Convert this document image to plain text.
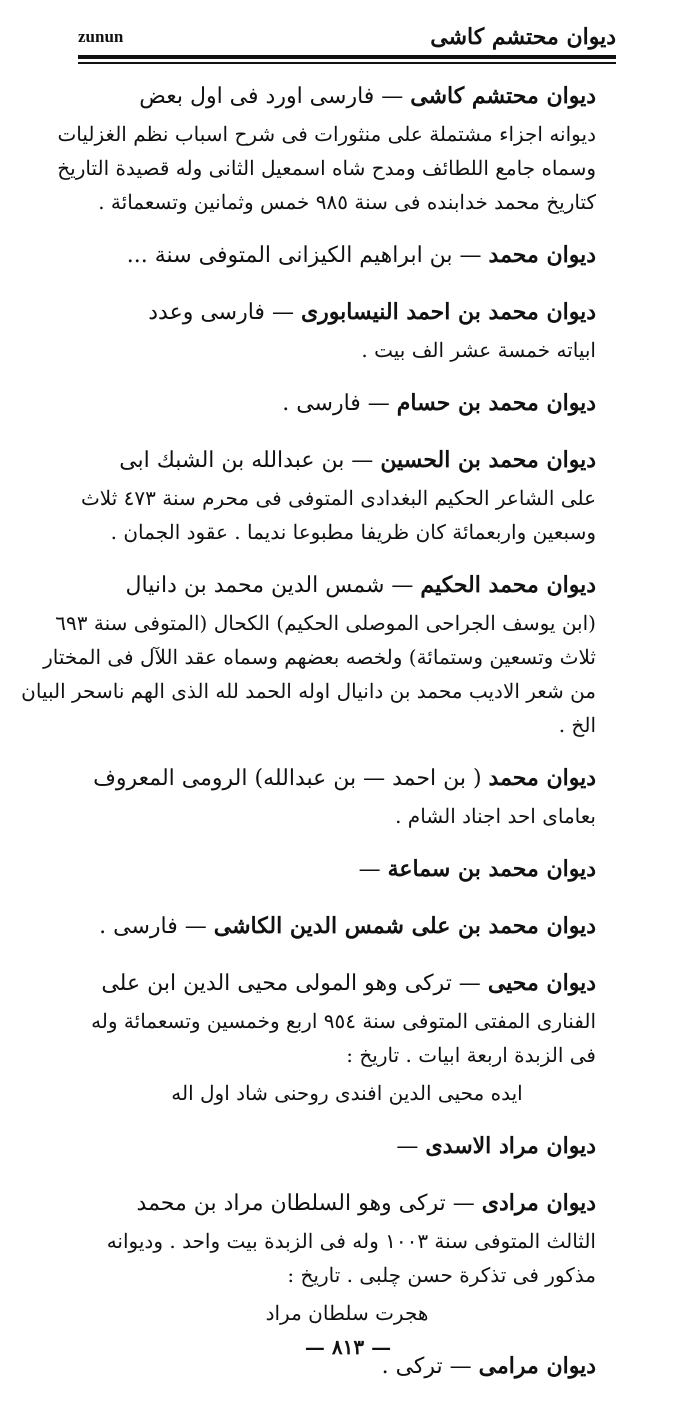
zunun	ديوان محتشم كاشى
ديوان محتشم كاشى — فارسى اورد فى اول بعض
ديوانه اجزاء مشتملة على منثورات فى شرح اسباب نظم الغزليات
وسماه جامع اللطائف ومدح شاه اسمعيل الثانى وله قصيدة التاريخ
كتاريخ محمد خدابنده فى سنة ٩٨٥ خمس وثمانين وتسعمائة .
ديوان محمد — بن ابراهيم الكيزانى المتوفى سنة ...
ديوان محمد بن احمد النيسابورى — فارسى وعدد
ابياته خمسة عشر الف بيت .
ديوان محمد بن حسام — فارسى .
ديوان محمد بن الحسين — بن عبدالله بن الشبك ابى
على الشاعر الحكيم البغدادى المتوفى فى محرم سنة ٤٧٣ ثلاث
وسبعين واربعمائة كان ظريفا مطبوعا نديما . عقود الجمان .
ديوان محمد الحكيم — شمس الدين محمد بن دانيال
(ابن يوسف الجراحى الموصلى الحكيم) الكحال (المتوفى سنة ٦٩٣
ثلاث وتسعين وستمائة) ولخصه بعضهم وسماه عقد اللآل فى المختار
من شعر الاديب محمد بن دانيال اوله الحمد لله الذى الهم ناسحر البيان
الخ .
ديوان محمد ( بن احمد — بن عبدالله) الرومى المعروف
بعاماى احد اجناد الشام .
ديوان محمد بن سماعة —
ديوان محمد بن على شمس الدين الكاشى — فارسى .
ديوان محيى — تركى وهو المولى محيى الدين ابن على
الفنارى المفتى المتوفى سنة ٩٥٤ اربع وخمسين وتسعمائة وله
فى الزبدة اربعة ابيات . تاريخ :
ايده محيى الدين افندى روحنى شاد اول اله
ديوان مراد الاسدى —
ديوان مرادى — تركى وهو السلطان مراد بن محمد
الثالث المتوفى سنة ١٠٠٣ وله فى الزبدة بيت واحد . وديوانه
مذكور فى تذكرة حسن چلبى . تاريخ :
هجرت سلطان مراد
ديوان مرامى — تركى .
— ٨١٣ —
